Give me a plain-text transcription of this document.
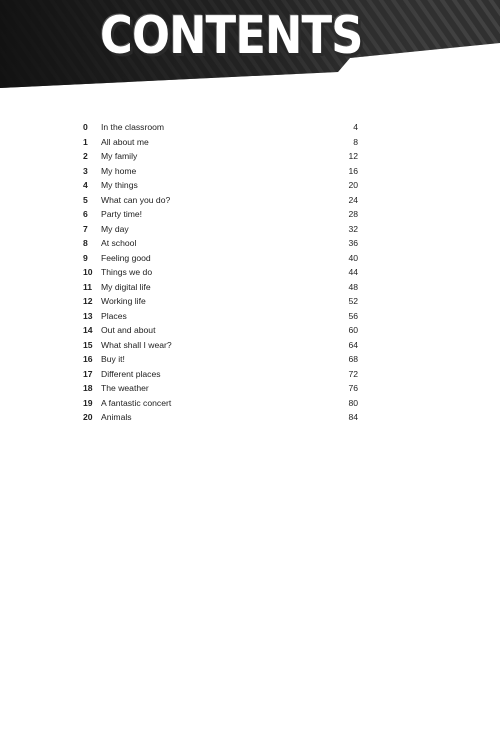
CONTENTS
0	In the classroom	4
1	All about me	8
2	My family	12
3	My home	16
4	My things	20
5	What can you do?	24
6	Party time!	28
7	My day	32
8	At school	36
9	Feeling good	40
10 Things we do	44
11	My digital life	48
12 Working life	52
13 Places	56
14 Out and about	60
15 What shall I wear?	64
16 Buy it!	68
17 Different places	72
18 The weather	76
19 A fantastic concert	80
20 Animals	84
